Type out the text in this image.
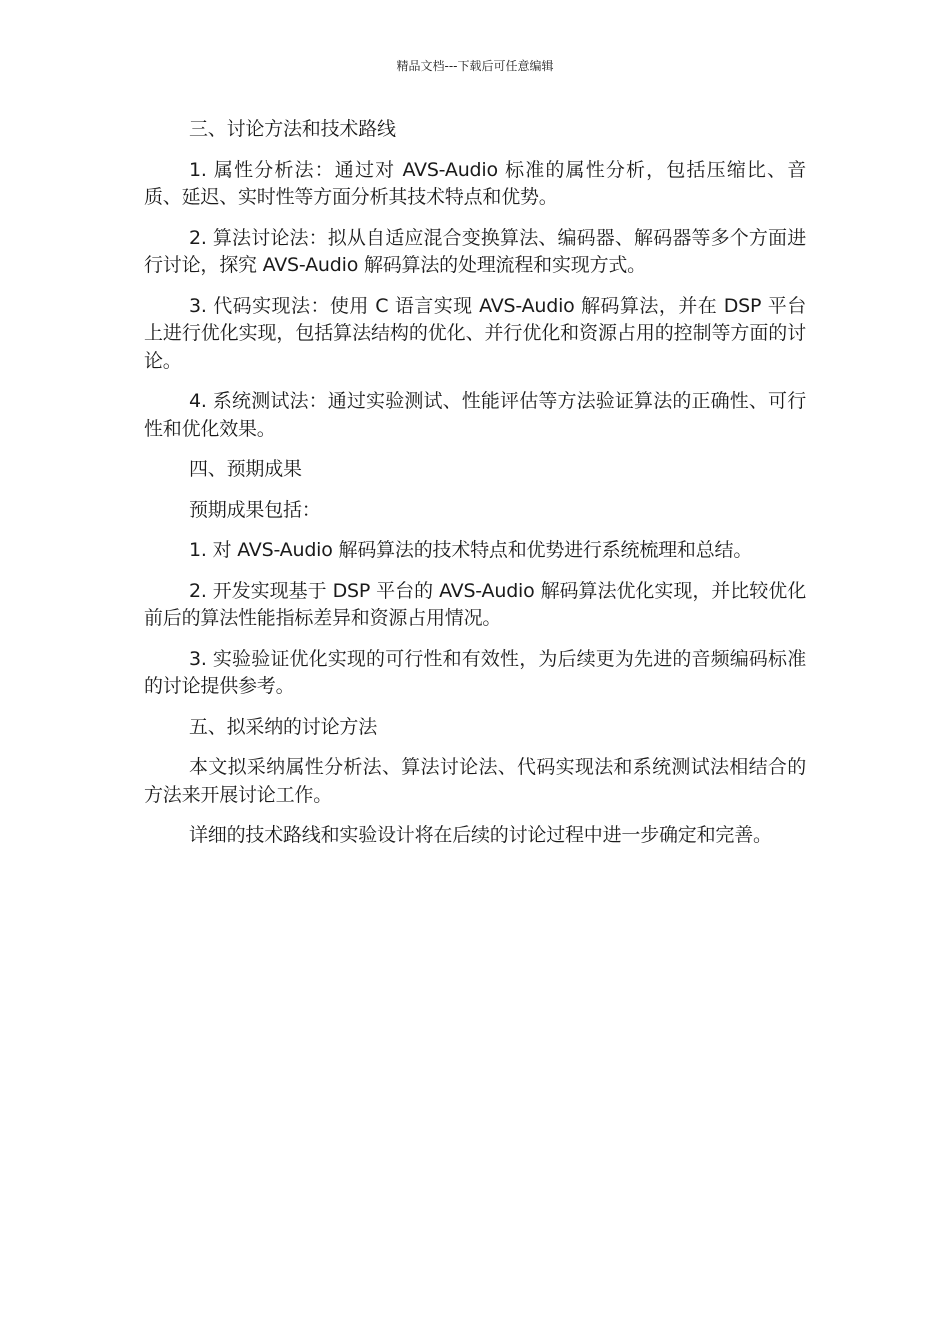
精品文档---下载后可任意编辑

三、讨论方法和技术路线

1. 属性分析法：通过对 AVS-Audio 标准的属性分析，包括压缩比、音质、延迟、实时性等方面分析其技术特点和优势。

2. 算法讨论法：拟从自适应混合变换算法、编码器、解码器等多个方面进行讨论，探究 AVS-Audio 解码算法的处理流程和实现方式。

3. 代码实现法：使用 C 语言实现 AVS-Audio 解码算法，并在 DSP 平台上进行优化实现，包括算法结构的优化、并行优化和资源占用的控制等方面的讨论。

4. 系统测试法：通过实验测试、性能评估等方法验证算法的正确性、可行性和优化效果。

四、预期成果

预期成果包括：

1. 对 AVS-Audio 解码算法的技术特点和优势进行系统梳理和总结。

2. 开发实现基于 DSP 平台的 AVS-Audio 解码算法优化实现，并比较优化前后的算法性能指标差异和资源占用情况。

3. 实验验证优化实现的可行性和有效性，为后续更为先进的音频编码标准的讨论提供参考。

五、拟采纳的讨论方法

本文拟采纳属性分析法、算法讨论法、代码实现法和系统测试法相结合的方法来开展讨论工作。

详细的技术路线和实验设计将在后续的讨论过程中进一步确定和完善。
